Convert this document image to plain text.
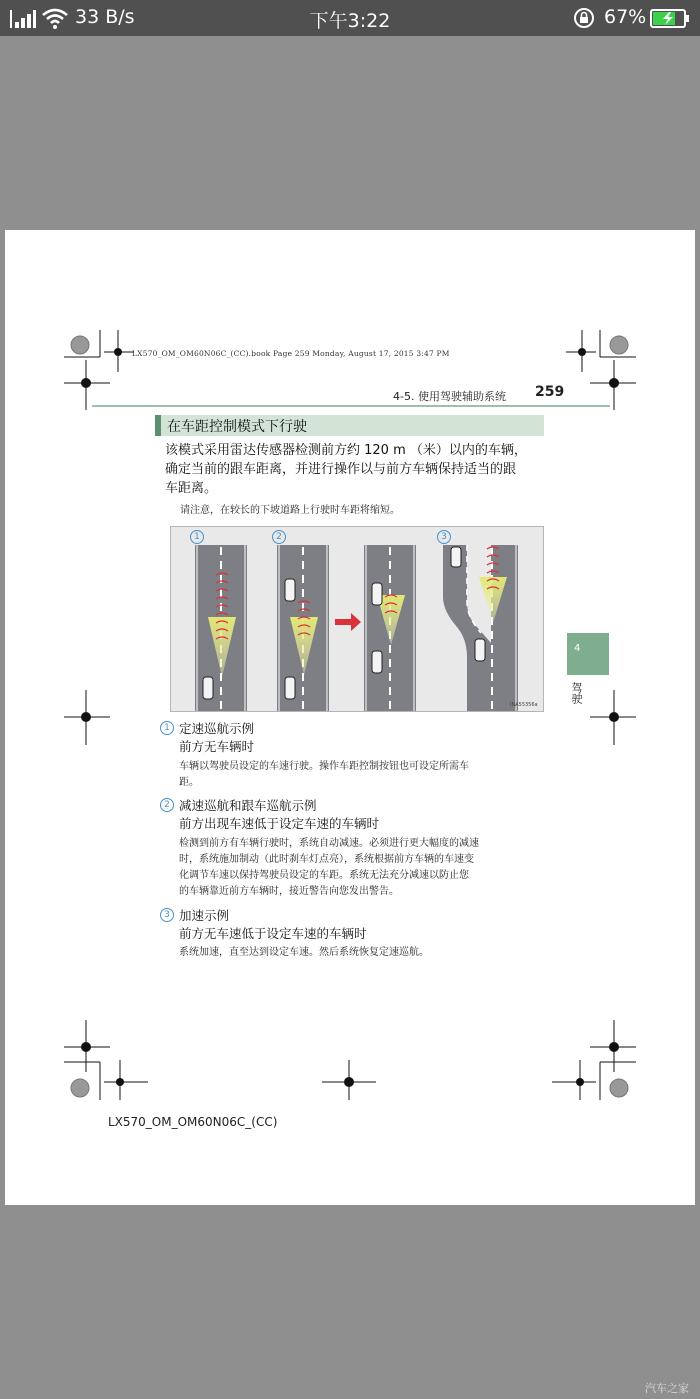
33 B/s	下午3:22	67%
LX570_OM_OM60N06C_(CC).book Page 259 Monday, August 17, 2015 3:47 PM
4-5. 使用驾驶辅助系统 259
在车距控制模式下行驶
该模式采用雷达传感器检测前方约 120 m （米）以内的车辆，
确定当前的跟车距离，并进行操作以与前方车辆保持适当的跟
车距离。
请注意，在较长的下坡道路上行驶时车距将缩短。
1	2	3
INA55356a
1 定速巡航示例
前方无车辆时
车辆以驾驶员设定的车速行驶。操作车距控制按钮也可设定所需车
距。
2 减速巡航和跟车巡航示例
前方出现车速低于设定车速的车辆时
检测到前方有车辆行驶时，系统自动减速。必须进行更大幅度的减速
时，系统施加制动（此时刹车灯点亮），系统根据前方车辆的车速变
化调节车速以保持驾驶员设定的车距。系统无法充分减速以防止您
的车辆靠近前方车辆时，接近警告向您发出警告。
3 加速示例
前方无车速低于设定车速的车辆时
系统加速，直至达到设定车速。然后系统恢复定速巡航。
4
驾驶
LX570_OM_OM60N06C_(CC)
汽车之家
